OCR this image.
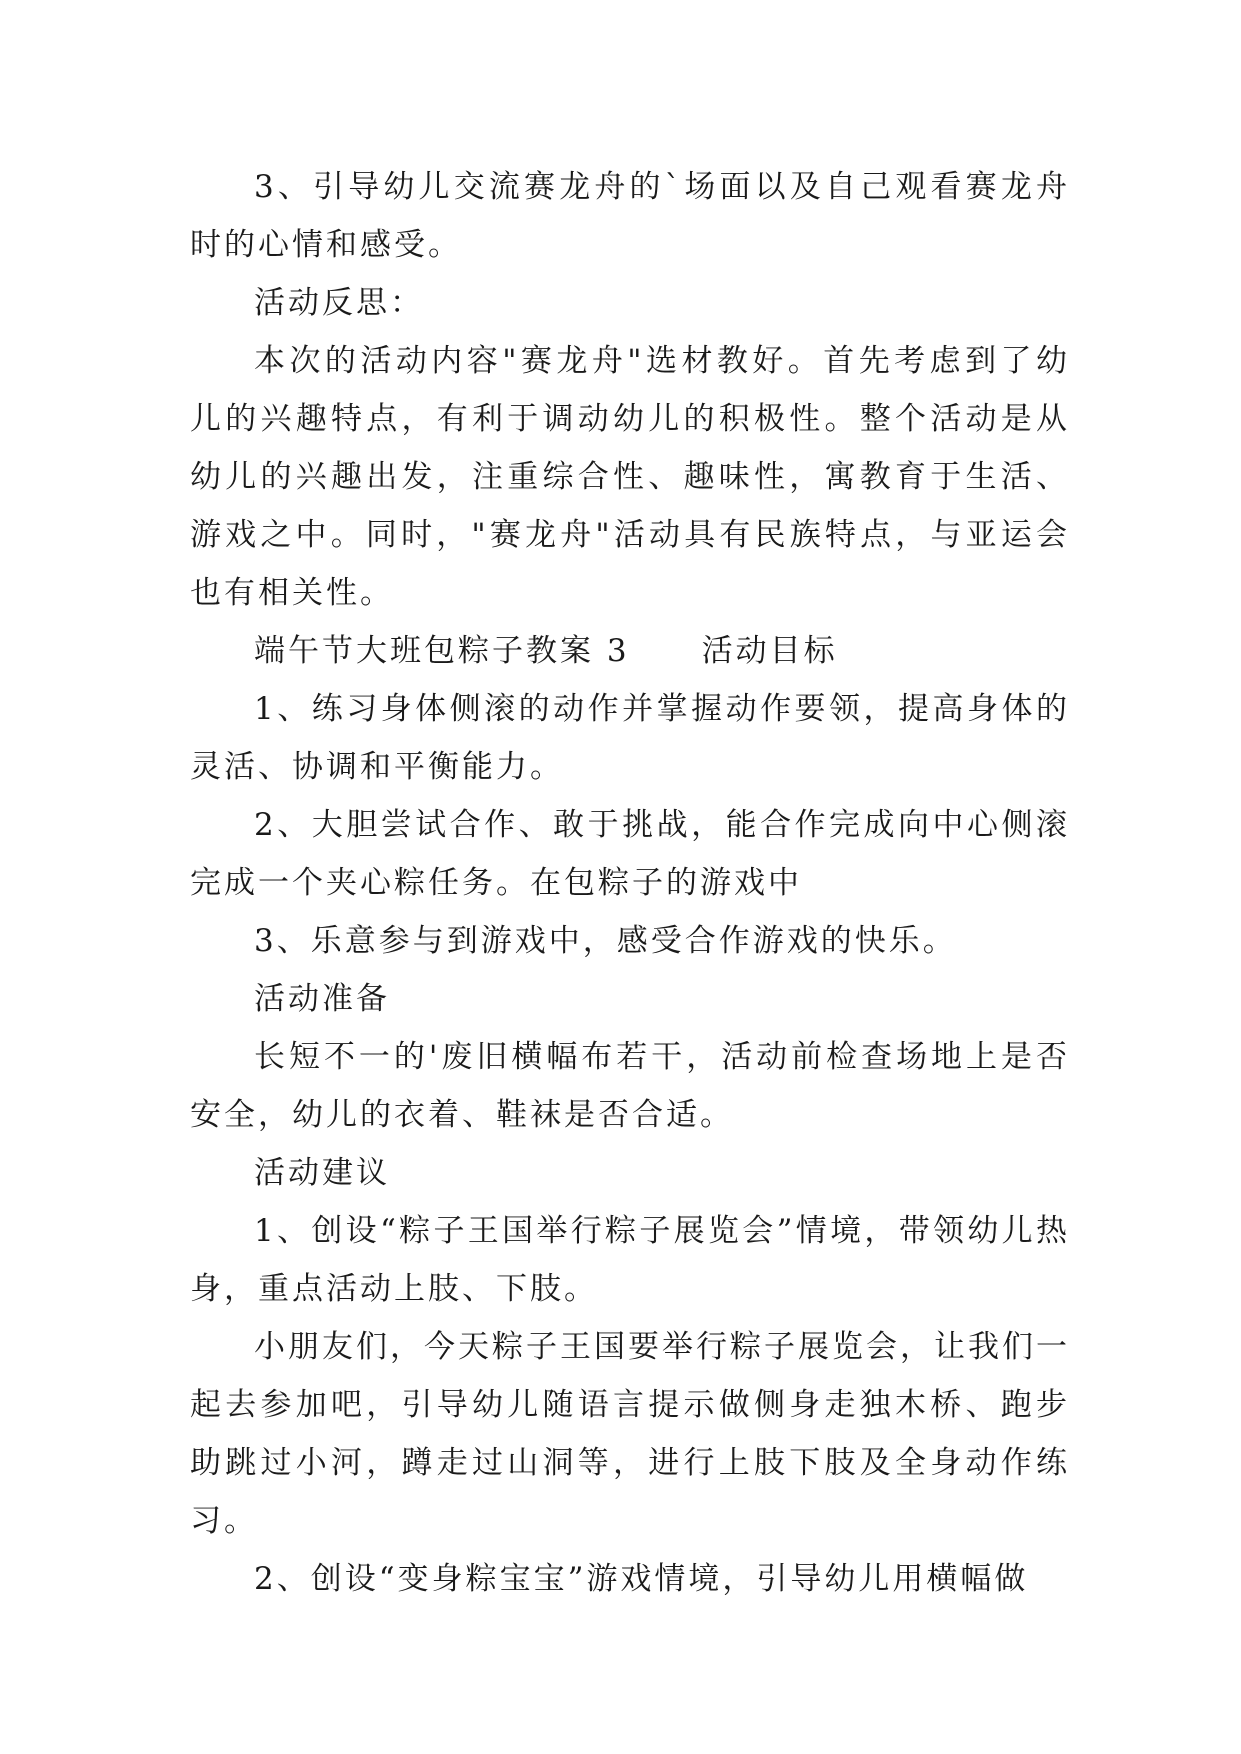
3、引导幼儿交流赛龙舟的`场面以及自己观看赛龙舟时的心情和感受。

活动反思：

本次的活动内容"赛龙舟"选材教好。首先考虑到了幼儿的兴趣特点，有利于调动幼儿的积极性。整个活动是从幼儿的兴趣出发，注重综合性、趣味性，寓教育于生活、游戏之中。同时，"赛龙舟"活动具有民族特点，与亚运会也有相关性。

端午节大班包粽子教案 3 活动目标

1、练习身体侧滚的动作并掌握动作要领，提高身体的灵活、协调和平衡能力。

2、大胆尝试合作、敢于挑战，能合作完成向中心侧滚完成一个夹心粽任务。在包粽子的游戏中

3、乐意参与到游戏中，感受合作游戏的快乐。

活动准备

长短不一的'废旧横幅布若干，活动前检查场地上是否安全，幼儿的衣着、鞋袜是否合适。

活动建议

1、创设“粽子王国举行粽子展览会”情境，带领幼儿热身，重点活动上肢、下肢。

小朋友们，今天粽子王国要举行粽子展览会，让我们一起去参加吧，引导幼儿随语言提示做侧身走独木桥、跑步助跳过小河，蹲走过山洞等，进行上肢下肢及全身动作练习。

2、创设“变身粽宝宝”游戏情境，引导幼儿用横幅做
